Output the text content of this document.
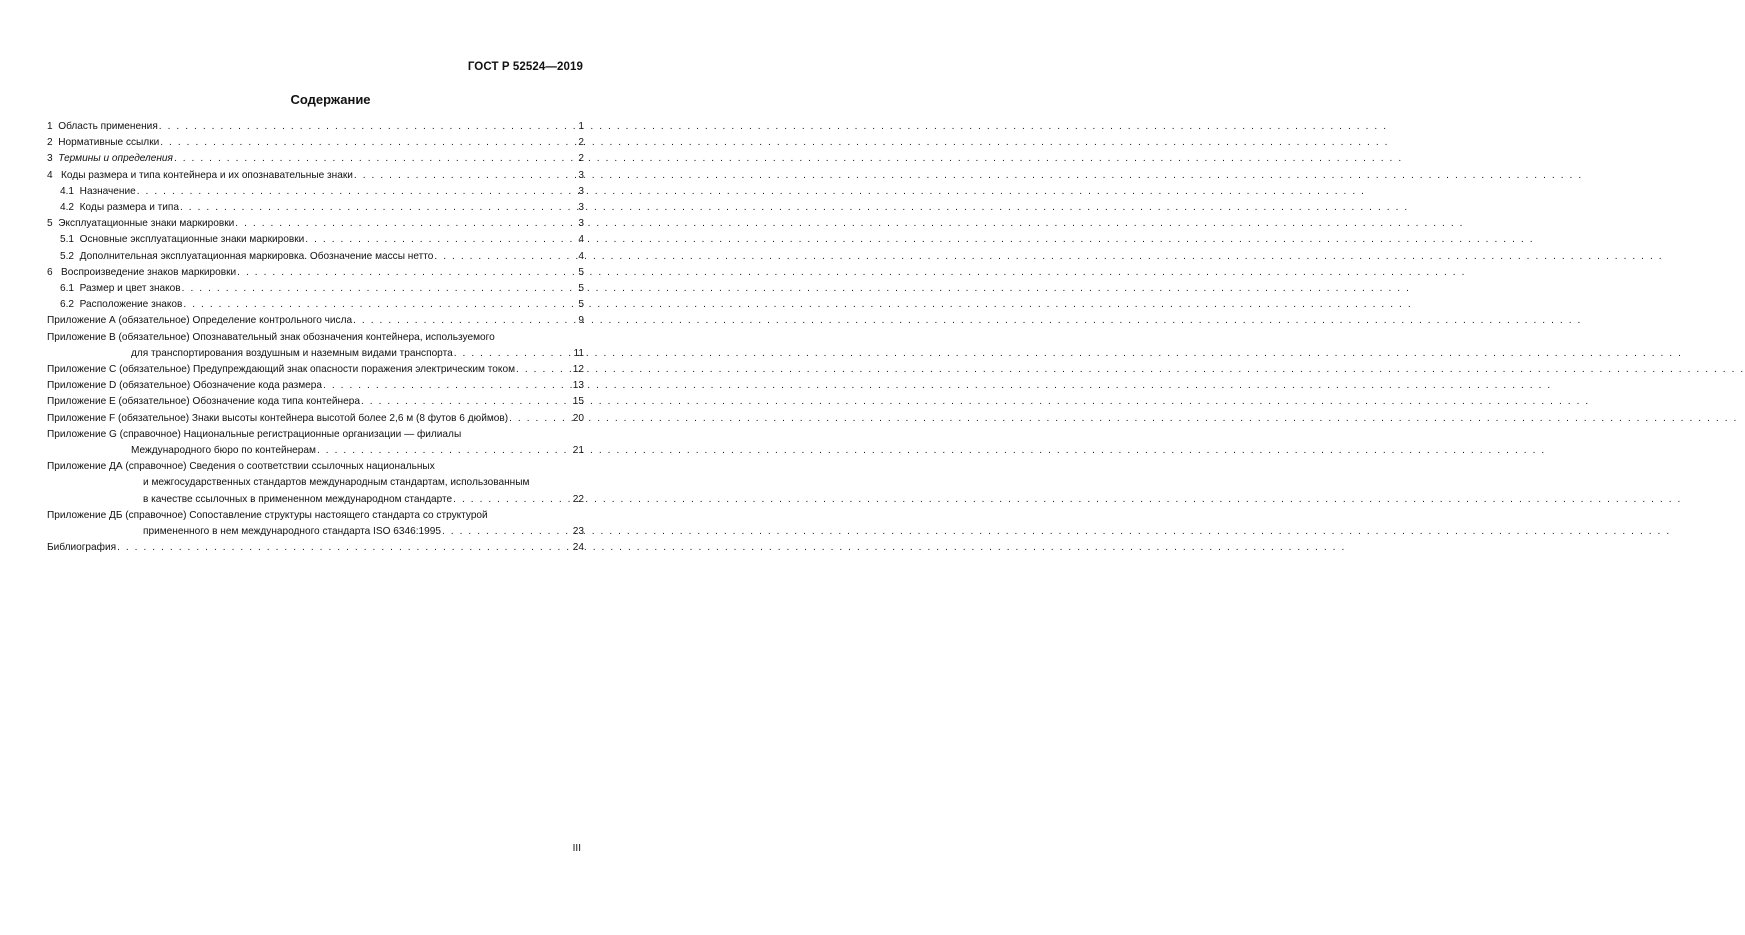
ГОСТ Р 52524—2019
Содержание
1 Область применения . . .	1
2 Нормативные ссылки . . .	2
3 Термины и определения . . .	2
4 Коды размера и типа контейнера и их опознавательные знаки . . .	3
4.1 Назначение . . .	3
4.2 Коды размера и типа . . .	3
5 Эксплуатационные знаки маркировки . . .	3
5.1 Основные эксплуатационные знаки маркировки . . .	4
5.2 Дополнительная эксплуатационная маркировка. Обозначение массы нетто . . .	4
6 Воспроизведение знаков маркировки . . .	5
6.1 Размер и цвет знаков . . .	5
6.2 Расположение знаков . . .	5
Приложение А (обязательное) Определение контрольного числа . . .	9
Приложение В (обязательное) Опознавательный знак обозначения контейнера, используемого
для транспортирования воздушным и наземным видами транспорта . . .	11
Приложение С (обязательное) Предупреждающий знак опасности поражения электрическим током . . .	12
Приложение D (обязательное) Обозначение кода размера . . .	13
Приложение Е (обязательное) Обозначение кода типа контейнера . . .	15
Приложение F (обязательное) Знаки высоты контейнера высотой более 2,6 м (8 футов 6 дюймов) . . .	20
Приложение G (справочное) Национальные регистрационные организации — филиалы
Международного бюро по контейнерам . . .	21
Приложение ДА (справочное) Сведения о соответствии ссылочных национальных
и межгосударственных стандартов международным стандартам, использованным
в качестве ссылочных в примененном международном стандарте . . .	22
Приложение ДБ (справочное) Сопоставление структуры настоящего стандарта со структурой
примененного в нем международного стандарта ISO 6346:1995 . . .	23
Библиография . . .	24
III
